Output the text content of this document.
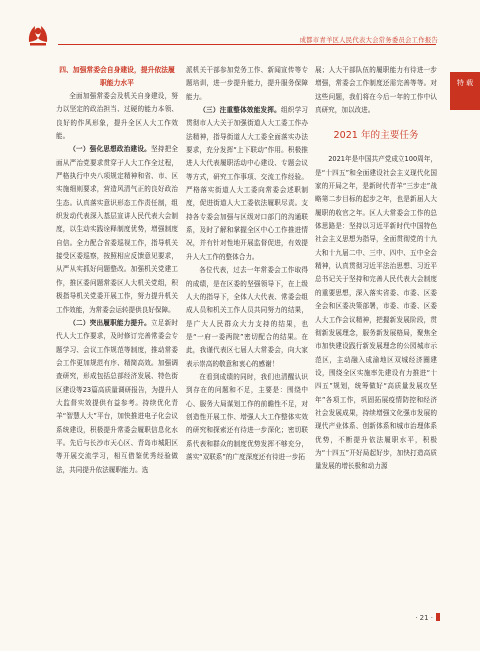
成都市青羊区人民代表大会常务委员会工作报告
特 载
四、加强常委会自身建设，提升依法履职能力水平

全面加强常委会及机关自身建设，努力以坚定的政治担当、过硬的能力本领、良好的作风形象，提升全区人大工作效能。

（一）强化思想政治建设。坚持把全面从严治党要求贯穿于人大工作全过程，严格执行中央八项规定精神和省、市、区实施细则要求，营造风清气正的良好政治生态。认真落实意识形态工作责任制，组织发动代表深入基层宣讲人民代表大会制度，以生动实践诠释制度优势，增强制度自信。全力配合省委巡视工作，指导机关接受区委巡察，按照相应反馈意见要求，从严从实抓好问题整改。加强机关党建工作，推区委问题常委区人大机关党组，积极指导机关党委开展工作，努力提升机关工作效能，为常委会运转提供良好保障。

（二）突出履职能力提升。立足新时代人大工作要求，及时修订完善常委会专题学习、会议工作规范等制度，推动常委会工作更加规范有序、精简高效。加强调查研究，形成包括总部经济发展、特色街区建设等23篇高质量调研报告，为提升人大监督实效提供有益参考。持续优化青羊“智慧人大”平台，加快推进电子化会议系统建设，积极提升常委会履职信息化水平。先后与长沙市天心区、青岛市城阳区等开展交流学习，相互借鉴优秀经验做法，共同提升依法履职能力。选

派机关干部参加党务工作、新闻宣传等专题培训，进一步提升能力，提升服务保障能力。

（三）注重整体效能发挥。组织学习贯彻市人大关于加强街道人大工委工作办法精神，指导街道人大工委全面落实办法要求，充分发挥“上下联动”作用。积极推进人大代表履职活动中心建设、专题会议等方式，研究工作事项、交流工作经验。严格落实街道人大工委向常委会述职制度，促进街道人大工委依法履职尽责。支持各专委会加强与区级对口部门的沟通联系，及时了解和掌握全区中心工作推进情况，并有针对性地开展监督促进，有效提升人大工作的整体合力。

各位代表，过去一年常委会工作取得的成绩，是在区委的坚强领导下，在上级人大的指导下，全体人大代表、常委会组成人员和机关工作人员共同努力的结果，是广大人民群众大力支持的结果，也是“一府一委两院”密切配合的结果。在此，我谨代表区七届人大常委会，向大家表示崇高的敬意和衷心的感谢！

在看到成绩的同时，我们也清醒认识到存在的问题和不足，主要是：围绕中心、服务大局谋划工作的前瞻性不足，对创造性开展工作、增强人大工作整体实效的研究和探索还有待进一步深化；密切联系代表和群众的制度优势发挥不够充分，落实“双联系”的广度深度还有待进一步拓

展；人大干部队伍的履职能力有待进一步增强，常委会工作制度还需完善等等。对这些问题，我们将在今后一年的工作中认真研究，加以改进。

2021 年的主要任务

2021年是中国共产党成立100周年，是“十四五”和全面建设社会主义现代化国家的开局之年，是新时代青羊“三步走”战略第二步目标的起步之年，也是新届人大履职的收官之年。区人大常委会工作的总体思路是：坚持以习近平新时代中国特色社会主义思想为指导，全面贯彻党的十九大和十九届二中、三中、四中、五中全会精神，认真贯彻习近平法治思想、习近平总书记关于坚持和完善人民代表大会制度的重要思想，深入落实省委、市委、区委全会和区委决策部署，市委、市委、区委人大工作会议精神，把握新发展阶段，贯彻新发展理念，服务新发展格局，聚焦全市加快建设践行新发展理念的公园城市示范区，主动融入成渝地区双城经济圈建设，围绕全区实施率先建设有力推进“十四五”规划，统筹做好“高质量发展攻坚年”各项工作，巩固拓展疫情防控和经济社会发展成果，持续增强文化强市发展的现代产业体系、创新体系和城市治理体系优势，不断提升依法履职水平，积极为“十四五”开好局起好步，加快打造高质量发展的增长极和动力源

· 21 ·
